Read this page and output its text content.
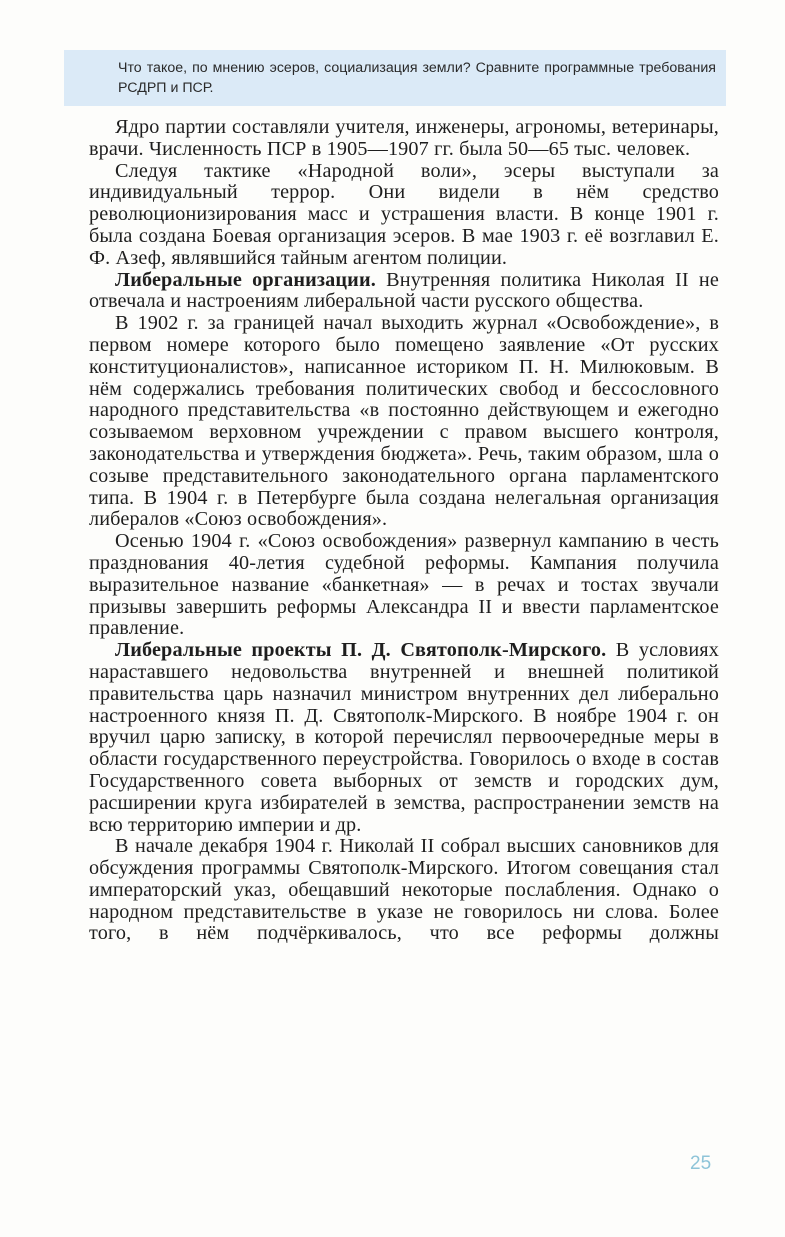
Что такое, по мнению эсеров, социализация земли? Сравните программные требования РСДРП и ПСР.

Ядро партии составляли учителя, инженеры, агрономы, ветеринары, врачи. Численность ПСР в 1905—1907 гг. была 50—65 тыс. человек.

Следуя тактике «Народной воли», эсеры выступали за индивидуальный террор. Они видели в нём средство революционизирования масс и устрашения власти. В конце 1901 г. была создана Боевая организация эсеров. В мае 1903 г. её возглавил Е. Ф. Азеф, являвшийся тайным агентом полиции.

Либеральные организации. Внутренняя политика Николая II не отвечала и настроениям либеральной части русского общества.

В 1902 г. за границей начал выходить журнал «Освобождение», в первом номере которого было помещено заявление «От русских конституционалистов», написанное историком П. Н. Милюковым. В нём содержались требования политических свобод и бессословного народного представительства «в постоянно действующем и ежегодно созываемом верховном учреждении с правом высшего контроля, законодательства и утверждения бюджета». Речь, таким образом, шла о созыве представительного законодательного органа парламентского типа. В 1904 г. в Петербурге была создана нелегальная организация либералов «Союз освобождения».

Осенью 1904 г. «Союз освобождения» развернул кампанию в честь празднования 40-летия судебной реформы. Кампания получила выразительное название «банкетная» — в речах и тостах звучали призывы завершить реформы Александра II и ввести парламентское правление.

Либеральные проекты П. Д. Святополк-Мирского. В условиях нараставшего недовольства внутренней и внешней политикой правительства царь назначил министром внутренних дел либерально настроенного князя П. Д. Святополк-Мирского. В ноябре 1904 г. он вручил царю записку, в которой перечислял первоочередные меры в области государственного переустройства. Говорилось о входе в состав Государственного совета выборных от земств и городских дум, расширении круга избирателей в земства, распространении земств на всю территорию империи и др.

В начале декабря 1904 г. Николай II собрал высших сановников для обсуждения программы Святополк-Мирского. Итогом совещания стал императорский указ, обещавший некоторые послабления. Однако о народном представительстве в указе не говорилось ни слова. Более того, в нём подчёркивалось, что все реформы должны

25
